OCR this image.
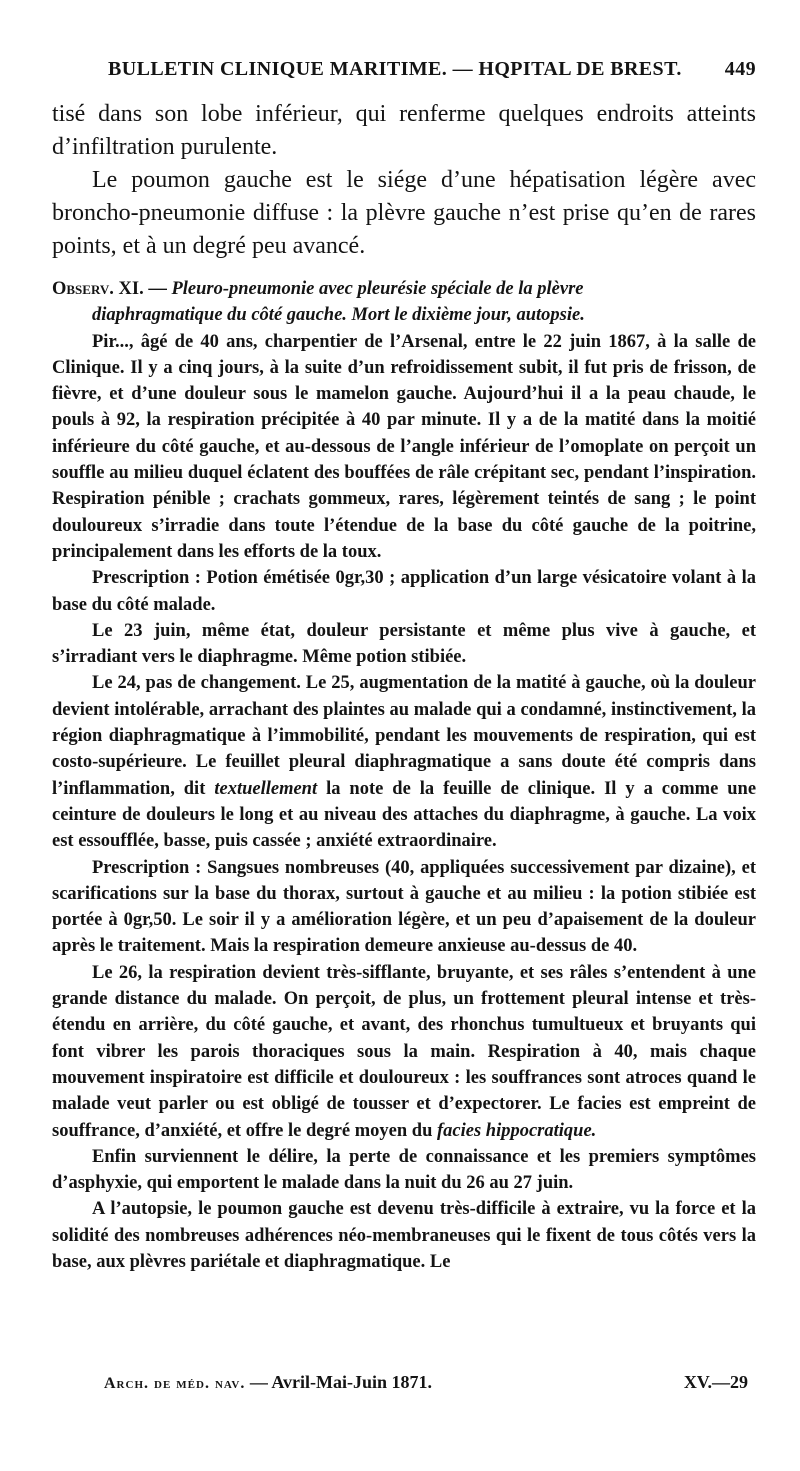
BULLETIN CLINIQUE MARITIME. — HQPITAL DE BREST. 449

tisé dans son lobe inférieur, qui renferme quelques endroits atteints d’infiltration purulente.

Le poumon gauche est le siége d’une hépatisation légère avec broncho-pneumonie diffuse : la plèvre gauche n’est prise qu’en de rares points, et à un degré peu avancé.

Observ. XI. — Pleuro-pneumonie avec pleurésie spéciale de la plèvre
diaphragmatique du côté gauche. Mort le dixième jour, autopsie.

Pir..., âgé de 40 ans, charpentier de l’Arsenal, entre le 22 juin 1867, à la salle de Clinique. Il y a cinq jours, à la suite d’un refroidissement subit, il fut pris de frisson, de fièvre, et d’une douleur sous le mamelon gauche. Aujourd’hui il a la peau chaude, le pouls à 92, la respiration précipitée à 40 par minute. Il y a de la matité dans la moitié inférieure du côté gauche, et au-dessous de l’angle inférieur de l’omoplate on perçoit un souffle au milieu duquel éclatent des bouffées de râle crépitant sec, pendant l’inspiration. Respiration pénible ; crachats gommeux, rares, légèrement teintés de sang ; le point douloureux s’irradie dans toute l’étendue de la base du côté gauche de la poitrine, principalement dans les efforts de la toux.

Prescription : Potion émétisée 0gr,30 ; application d’un large vésicatoire volant à la base du côté malade.

Le 23 juin, même état, douleur persistante et même plus vive à gauche, et s’irradiant vers le diaphragme. Même potion stibiée.

Le 24, pas de changement. Le 25, augmentation de la matité à gauche, où la douleur devient intolérable, arrachant des plaintes au malade qui a condamné, instinctivement, la région diaphragmatique à l’immobilité, pendant les mouvements de respiration, qui est costo-supérieure. Le feuillet pleural diaphragmatique a sans doute été compris dans l’inflammation, dit textuellement la note de la feuille de clinique. Il y a comme une ceinture de douleurs le long et au niveau des attaches du diaphragme, à gauche. La voix est essoufflée, basse, puis cassée ; anxiété extraordinaire.

Prescription : Sangsues nombreuses (40, appliquées successivement par dizaine), et scarifications sur la base du thorax, surtout à gauche et au milieu : la potion stibiée est portée à 0gr,50. Le soir il y a amélioration légère, et un peu d’apaisement de la douleur après le traitement. Mais la respiration demeure anxieuse au-dessus de 40.

Le 26, la respiration devient très-sifflante, bruyante, et ses râles s’entendent à une grande distance du malade. On perçoit, de plus, un frottement pleural intense et très-étendu en arrière, du côté gauche, et avant, des rhonchus tumultueux et bruyants qui font vibrer les parois thoraciques sous la main. Respiration à 40, mais chaque mouvement inspiratoire est difficile et douloureux : les souffrances sont atroces quand le malade veut parler ou est obligé de tousser et d’expectorer. Le facies est empreint de souffrance, d’anxiété, et offre le degré moyen du facies hippocratique.

Enfin surviennent le délire, la perte de connaissance et les premiers symptômes d’asphyxie, qui emportent le malade dans la nuit du 26 au 27 juin.

A l’autopsie, le poumon gauche est devenu très-difficile à extraire, vu la force et la solidité des nombreuses adhérences néo-membraneuses qui le fixent de tous côtés vers la base, aux plèvres pariétale et diaphragmatique. Le

Arch. de méd. nav. — Avril-Mai-Juin 1871.	XV.—29
